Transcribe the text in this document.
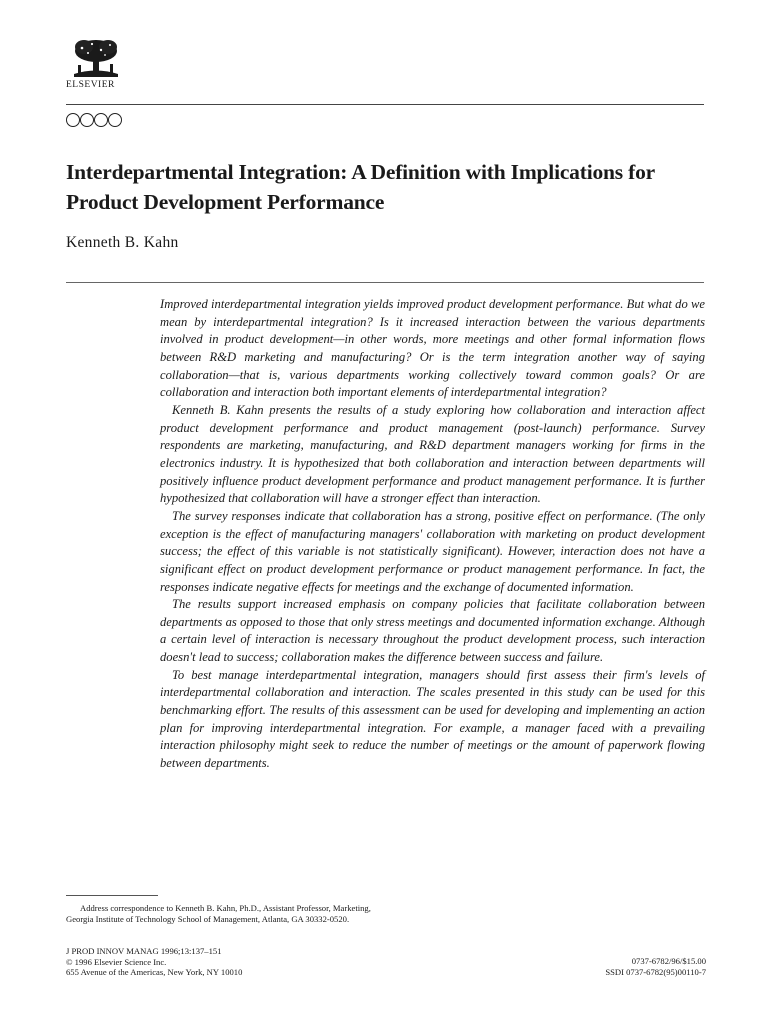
ELSEVIER
Interdepartmental Integration: A Definition with Implications for Product Development Performance
Kenneth B. Kahn

Improved interdepartmental integration yields improved product development performance. But what do we mean by interdepartmental integration? Is it increased interaction between the various departments involved in product development—in other words, more meetings and other formal information flows between R&D marketing and manufacturing? Or is the term integration another way of saying collaboration—that is, various departments working collectively toward common goals? Or are collaboration and interaction both important elements of interdepartmental integration?

Kenneth B. Kahn presents the results of a study exploring how collaboration and interaction affect product development performance and product management (post-launch) performance. Survey respondents are marketing, manufacturing, and R&D department managers working for firms in the electronics industry. It is hypothesized that both collaboration and interaction between departments will positively influence product development performance and product management performance. It is further hypothesized that collaboration will have a stronger effect than interaction.

The survey responses indicate that collaboration has a strong, positive effect on performance. (The only exception is the effect of manufacturing managers' collaboration with marketing on product development success; the effect of this variable is not statistically significant). However, interaction does not have a significant effect on product development performance or product management performance. In fact, the responses indicate negative effects for meetings and the exchange of documented information.

The results support increased emphasis on company policies that facilitate collaboration between departments as opposed to those that only stress meetings and documented information exchange. Although a certain level of interaction is necessary throughout the product development process, such interaction doesn't lead to success; collaboration makes the difference between success and failure.

To best manage interdepartmental integration, managers should first assess their firm's levels of interdepartmental collaboration and interaction. The scales presented in this study can be used for this benchmarking effort. The results of this assessment can be used for developing and implementing an action plan for improving interdepartmental integration. For example, a manager faced with a prevailing interaction philosophy might seek to reduce the number of meetings or the amount of paperwork flowing between departments.

Address correspondence to Kenneth B. Kahn, Ph.D., Assistant Professor, Marketing, Georgia Institute of Technology School of Management, Atlanta, GA 30332-0520.
J PROD INNOV MANAG 1996;13:137–151
© 1996 Elsevier Science Inc.
655 Avenue of the Americas, New York, NY 10010
0737-6782/96/$15.00
SSDI 0737-6782(95)00110-7
